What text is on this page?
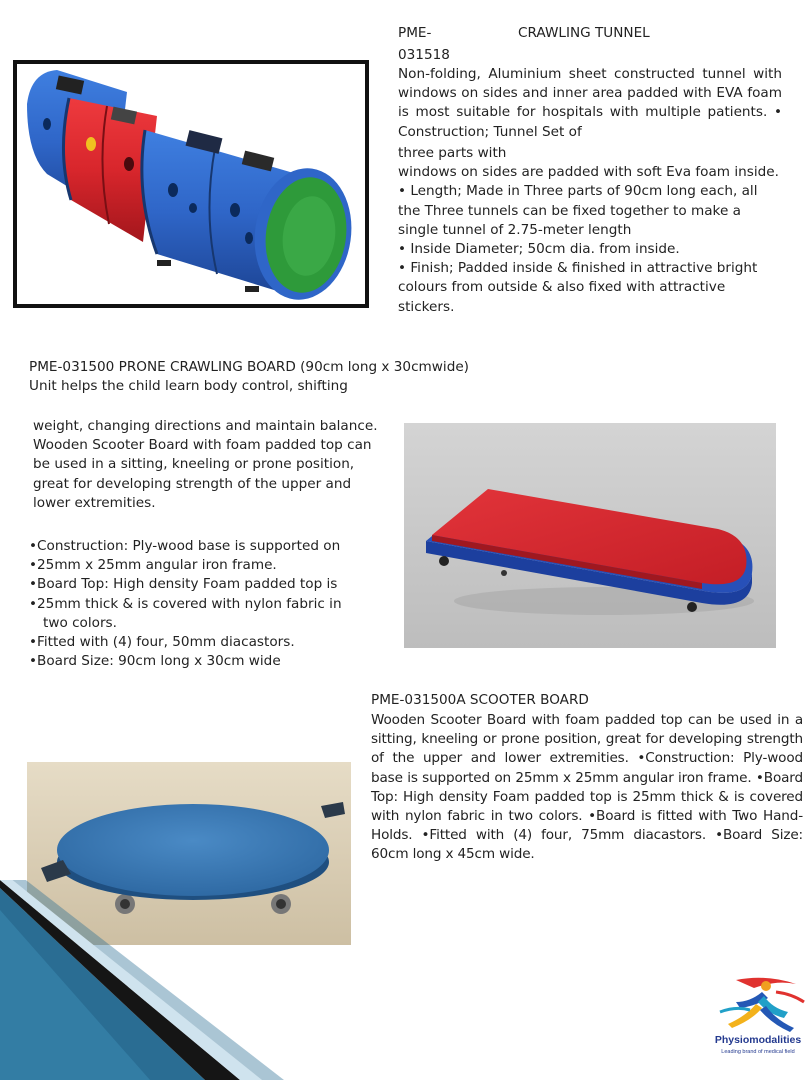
PME-	CRAWLING TUNNEL
031518

Non-folding, Aluminium sheet constructed tunnel with windows on sides and inner area padded with EVA foam is most suitable for hospitals with multiple patients. • Construction; Tunnel Set of

three parts with

windows on sides are padded with soft Eva foam inside.

• Length; Made in Three parts of 90cm long each, all the Three tunnels can be fixed together to make a single tunnel of 2.75-meter length

• Inside Diameter; 50cm dia. from inside.

• Finish; Padded inside & finished in attractive bright colours from outside & also fixed with attractive stickers.

PME-031500 PRONE CRAWLING BOARD (90cm long x 30cmwide)

Unit helps the child learn body control, shifting

weight, changing directions and maintain balance. Wooden Scooter Board with foam padded top can be used in a sitting, kneeling or prone position, great for developing strength of the upper and lower extremities.

•Construction: Ply-wood base is supported on

•25mm x 25mm angular iron frame.

•Board Top: High density Foam padded top is

•25mm thick & is covered with nylon fabric in

two colors.

•Fitted with (4) four, 50mm diacastors.

•Board Size: 90cm long x 30cm wide

PME-031500A SCOOTER BOARD

Wooden Scooter Board with foam padded top can be used in a sitting, kneeling or prone position, great for developing strength of the upper and lower extremities. •Construction: Ply-wood base is supported on 25mm x 25mm angular iron frame. •Board Top: High density Foam padded top is 25mm thick & is covered with nylon fabric in two colors. •Board is fitted with Two Hand-Holds. •Fitted with (4) four, 75mm diacastors. •Board Size: 60cm long x 45cm wide.

Physiomodalities
Leading brand of medical field
